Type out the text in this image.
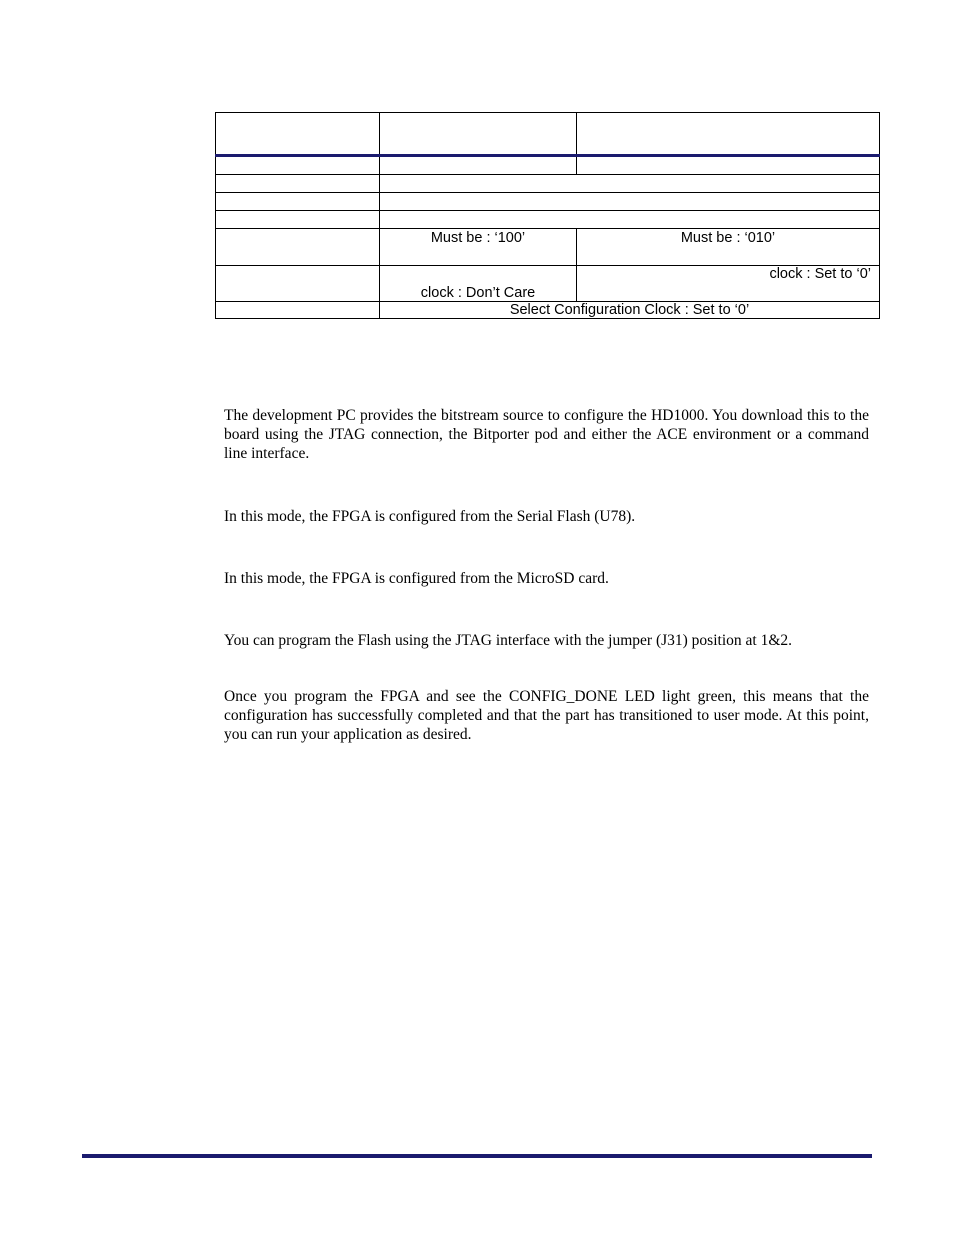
	Must be : ‘100’	Must be : ‘010’
	clock : Don’t Care	clock : Set to ‘0’
	Select Configuration Clock : Set to ‘0’	

The development PC provides the bitstream source to configure the HD1000. You download this to the board using the JTAG connection, the Bitporter pod and either the ACE environment or a command line interface.

In this mode, the FPGA is configured from the Serial Flash (U78).

In this mode, the FPGA is configured from the MicroSD card.

You can program the Flash using the JTAG interface with the jumper (J31) position at 1&2.

Once you program the FPGA and see the CONFIG_DONE LED light green, this means that the configuration has successfully completed and that the part has transitioned to user mode. At this point, you can run your application as desired.
